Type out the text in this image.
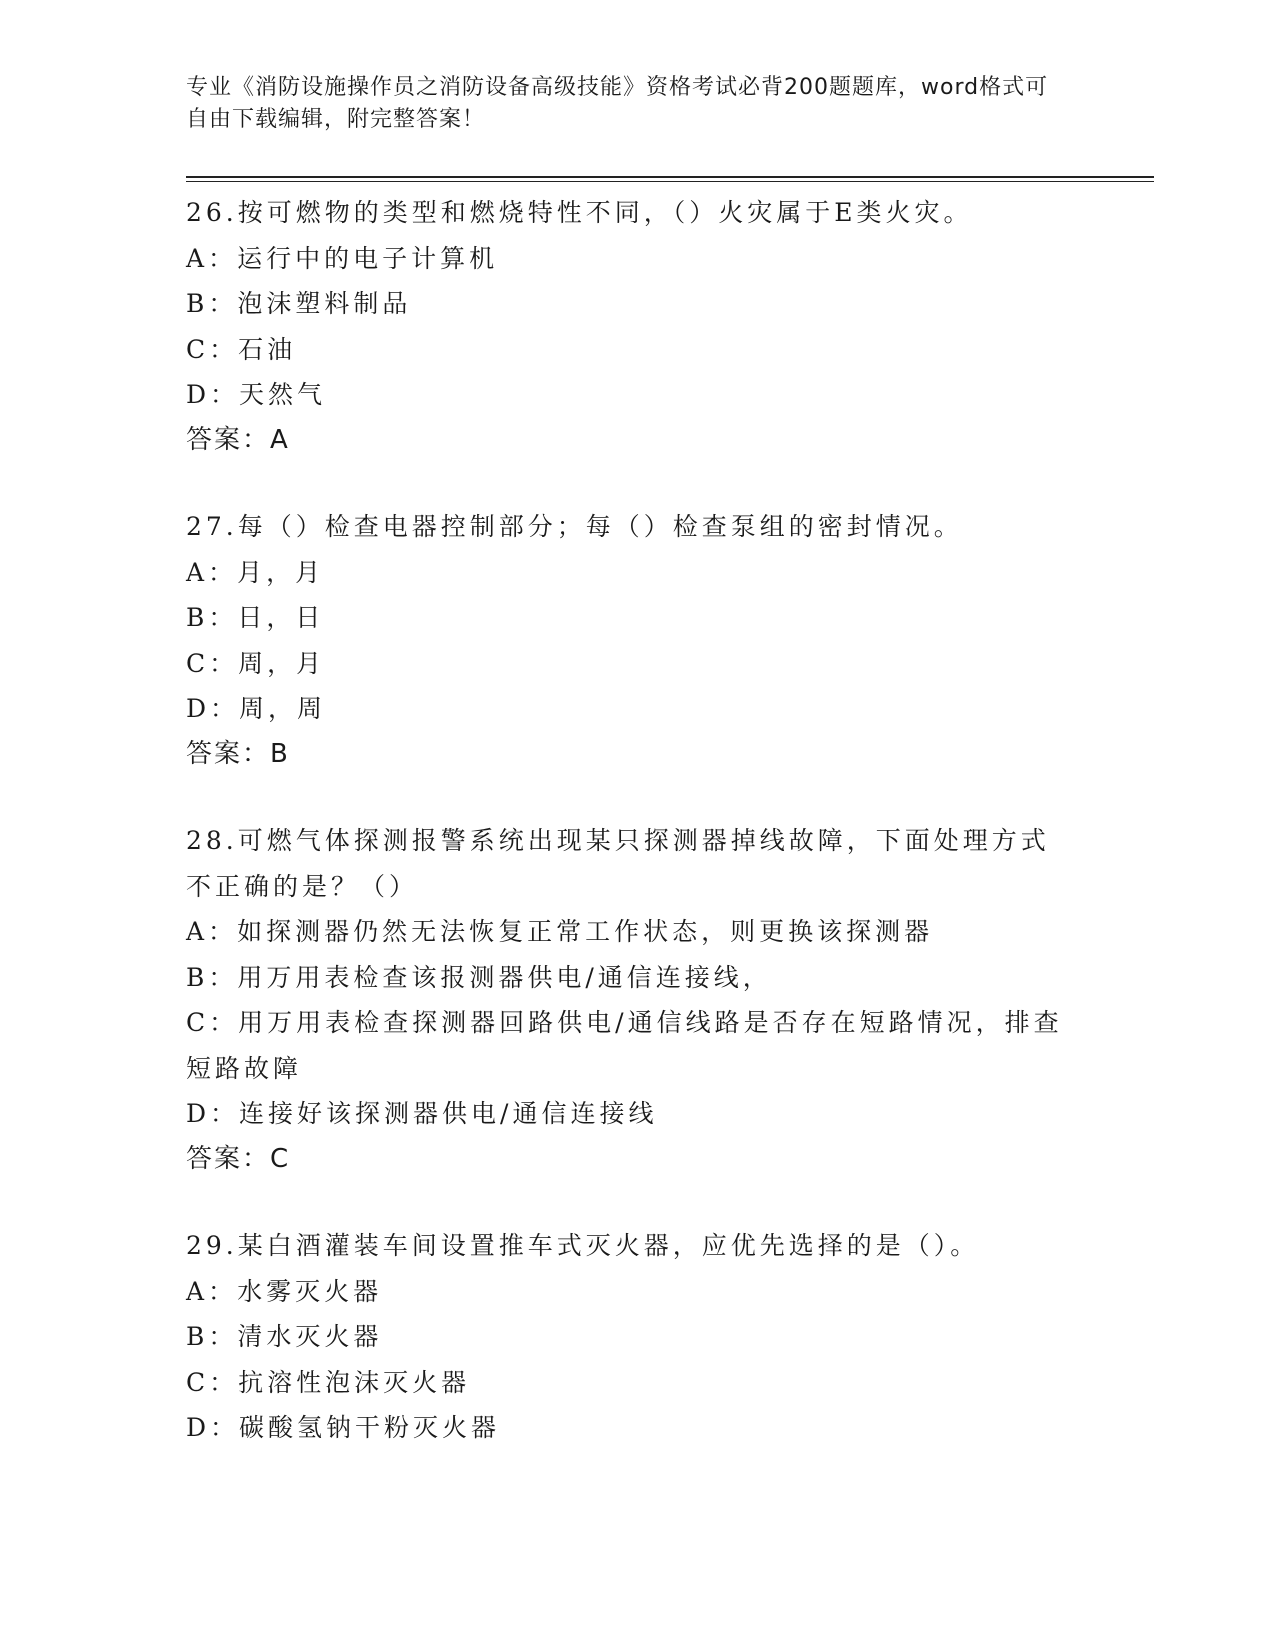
专业《消防设施操作员之消防设备高级技能》资格考试必背200题题库，word格式可自由下载编辑，附完整答案！
26.按可燃物的类型和燃烧特性不同，（）火灾属于E类火灾。
A：运行中的电子计算机
B：泡沫塑料制品
C：石油
D：天然气
答案：A
27.每（）检查电器控制部分；每（）检查泵组的密封情况。
A：月，月
B：日，日
C：周，月
D：周，周
答案：B
28.可燃气体探测报警系统出现某只探测器掉线故障，下面处理方式不正确的是？（）
A：如探测器仍然无法恢复正常工作状态，则更换该探测器
B：用万用表检查该报测器供电/通信连接线，
C：用万用表检查探测器回路供电/通信线路是否存在短路情况，排查短路故障
D：连接好该探测器供电/通信连接线
答案：C
29.某白酒灌装车间设置推车式灭火器，应优先选择的是（）。
A：水雾灭火器
B：清水灭火器
C：抗溶性泡沫灭火器
D：碳酸氢钠干粉灭火器
